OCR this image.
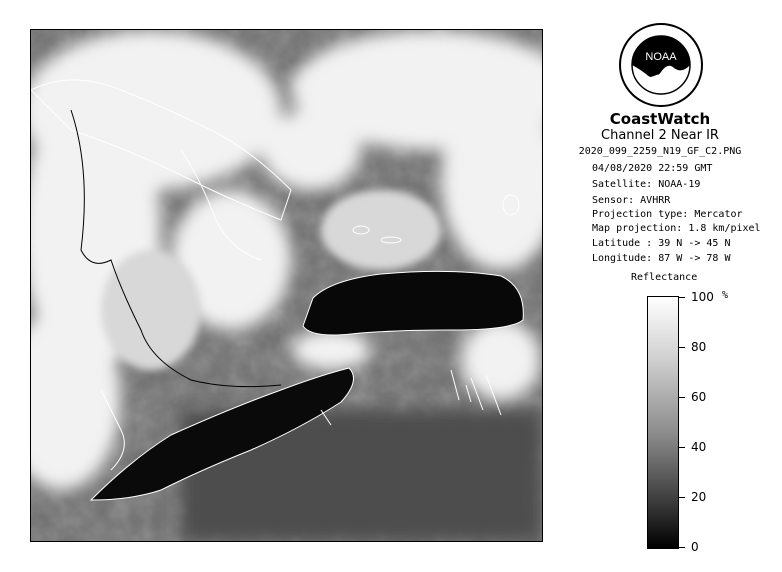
NOAA
CoastWatch
Channel 2 Near IR
2020_099_2259_N19_GF_C2.PNG
04/08/2020 22:59 GMT
Satellite: NOAA-19
Sensor: AVHRR
Projection type: Mercator
Map projection: 1.8 km/pixel
Latitude : 39 N -> 45 N
Longitude: 87 W -> 78 W
Reflectance
%
100
80
60
40
20
0
